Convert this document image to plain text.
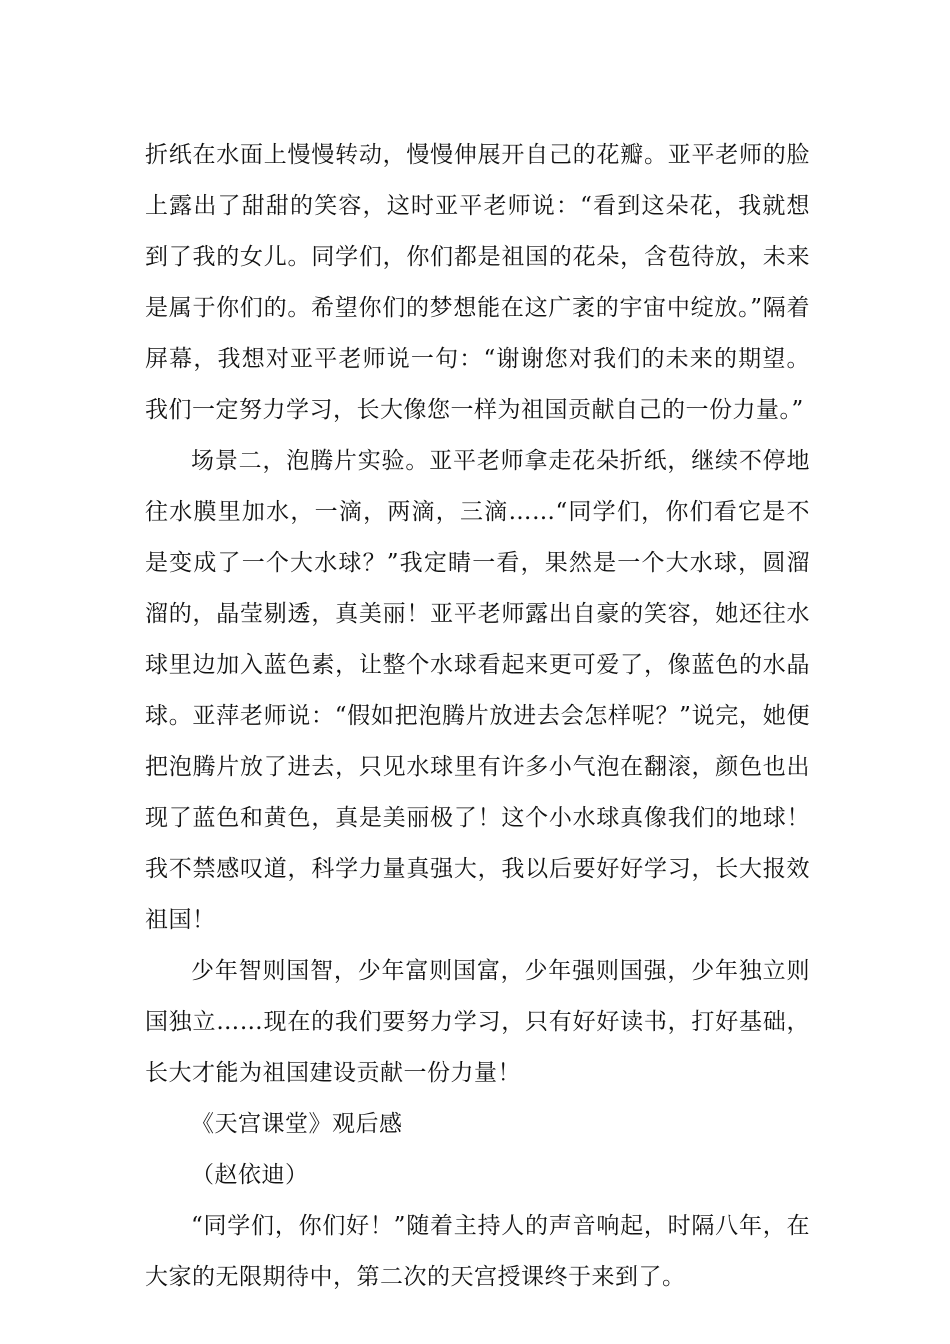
折纸在水面上慢慢转动，慢慢伸展开自己的花瓣。亚平老师的脸上露出了甜甜的笑容，这时亚平老师说：“看到这朵花，我就想到了我的女儿。同学们，你们都是祖国的花朵，含苞待放，未来是属于你们的。希望你们的梦想能在这广袤的宇宙中绽放。”隔着屏幕，我想对亚平老师说一句：“谢谢您对我们的未来的期望。我们一定努力学习，长大像您一样为祖国贡献自己的一份力量。”

场景二，泡腾片实验。亚平老师拿走花朵折纸，继续不停地往水膜里加水，一滴，两滴，三滴……“同学们，你们看它是不是变成了一个大水球？”我定睛一看，果然是一个大水球，圆溜溜的，晶莹剔透，真美丽！亚平老师露出自豪的笑容，她还往水球里边加入蓝色素，让整个水球看起来更可爱了，像蓝色的水晶球。亚萍老师说：“假如把泡腾片放进去会怎样呢？”说完，她便把泡腾片放了进去，只见水球里有许多小气泡在翻滚，颜色也出现了蓝色和黄色，真是美丽极了！这个小水球真像我们的地球！我不禁感叹道，科学力量真强大，我以后要好好学习，长大报效祖国！

少年智则国智，少年富则国富，少年强则国强，少年独立则国独立……现在的我们要努力学习，只有好好读书，打好基础，长大才能为祖国建设贡献一份力量！

《天宫课堂》观后感

（赵依迪）

“同学们，你们好！”随着主持人的声音响起，时隔八年，在大家的无限期待中，第二次的天宫授课终于来到了。
